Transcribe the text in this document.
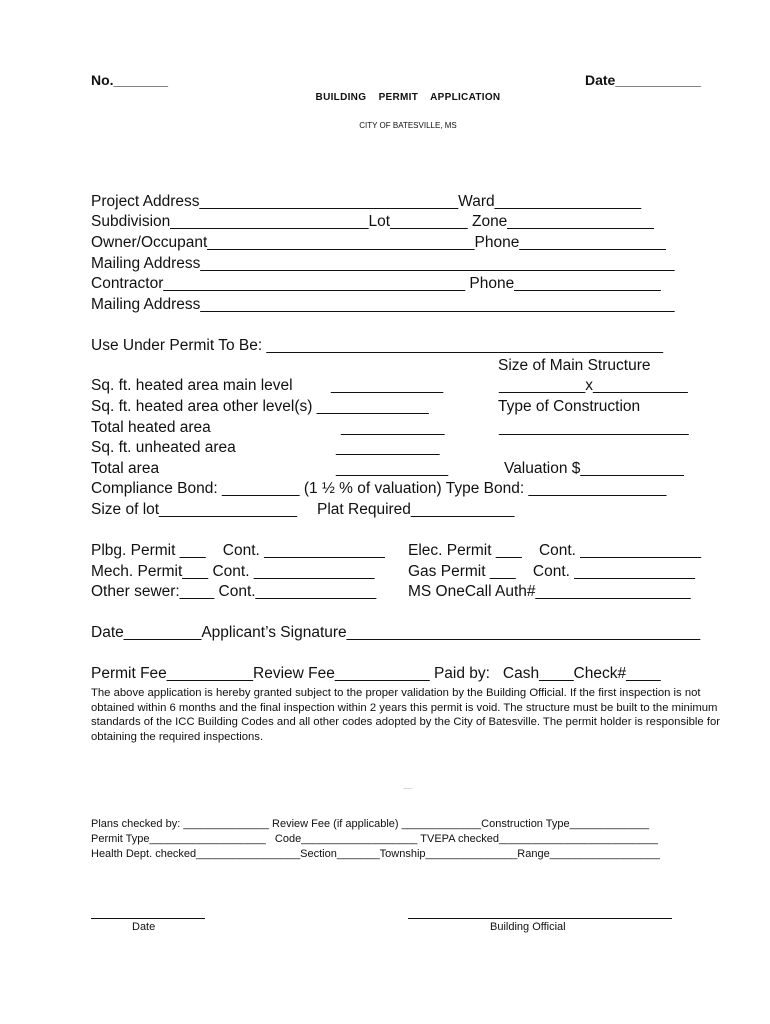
No._______	Date___________
BUILDING    PERMIT    APPLICATION
CITY OF BATESVILLE, MS
Project Address______________________________Ward_________________
Subdivision_______________________Lot_________ Zone_________________
Owner/Occupant_______________________________Phone_________________
Mailing Address_______________________________________________________
Contractor___________________________________ Phone_________________
Mailing Address_______________________________________________________
Use Under Permit To Be: ______________________________________________
Size of Main Structure
Sq. ft. heated area main level _____________	__________x___________
Sq. ft. heated area other level(s) _____________	Type of Construction
Total heated area	____________	______________________
Sq. ft. unheated area	____________
Total area	_____________	Valuation $____________
Compliance Bond: _________ (1 ½ % of valuation) Type Bond: ________________
Size of lot________________ Plat Required____________
Plbg. Permit ___    Cont. ______________ Elec. Permit ___    Cont. ______________
Mech. Permit___ Cont. ______________ Gas Permit ___    Cont. ______________
Other sewer:____ Cont.______________ MS OneCall Auth#__________________
Date_________Applicant’s Signature_________________________________________
Permit Fee__________Review Fee___________ Paid by:   Cash____Check#____
The above application is hereby granted subject to the proper validation by the Building Official. If the first inspection is not obtained within 6 months and the final inspection within 2 years this permit is void. The structure must be built to the minimum standards of the ICC Building Codes and all other codes adopted by the City of Batesville. The permit holder is responsible for obtaining the required inspections.
****Office Use Only****
Plans checked by: ______________ Review Fee (if applicable) _____________Construction Type_____________
Permit Type___________________   Code___________________ TVEPA checked__________________________
Health Dept. checked_________________Section_______Township_______________Range__________________
Date	Building Official
